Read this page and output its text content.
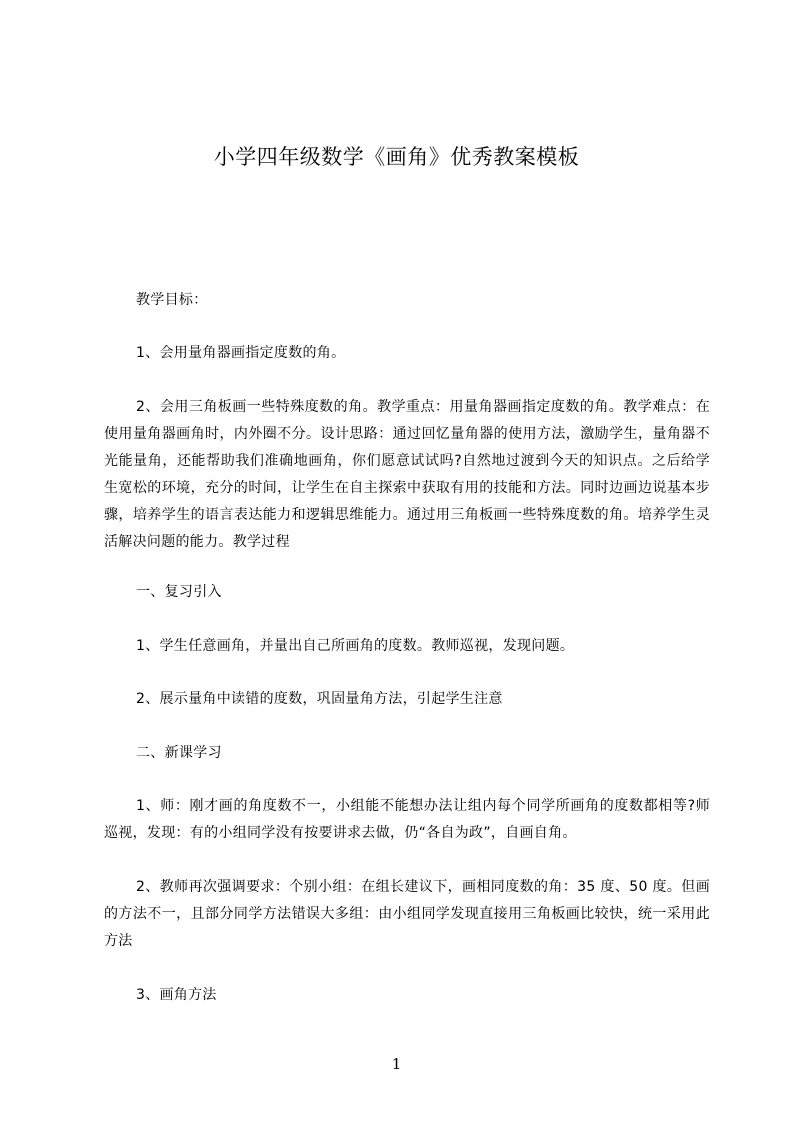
小学四年级数学《画角》优秀教案模板

教学目标：

1、会用量角器画指定度数的角。

2、会用三角板画一些特殊度数的角。教学重点：用量角器画指定度数的角。教学难点：在使用量角器画角时，内外圈不分。设计思路：通过回忆量角器的使用方法，激励学生，量角器不光能量角，还能帮助我们准确地画角，你们愿意试试吗?自然地过渡到今天的知识点。之后给学生宽松的环境，充分的时间，让学生在自主探索中获取有用的技能和方法。同时边画边说基本步骤，培养学生的语言表达能力和逻辑思维能力。通过用三角板画一些特殊度数的角。培养学生灵活解决问题的能力。教学过程

一、复习引入

1、学生任意画角，并量出自己所画角的度数。教师巡视，发现问题。

2、展示量角中读错的度数，巩固量角方法，引起学生注意

二、新课学习

1、师：刚才画的角度数不一，小组能不能想办法让组内每个同学所画角的度数都相等?师巡视，发现：有的小组同学没有按要讲求去做，仍“各自为政”，自画自角。

2、教师再次强调要求：个别小组：在组长建议下，画相同度数的角：35 度、50 度。但画的方法不一，且部分同学方法错误大多组：由小组同学发现直接用三角板画比较快，统一采用此方法

3、画角方法

1
